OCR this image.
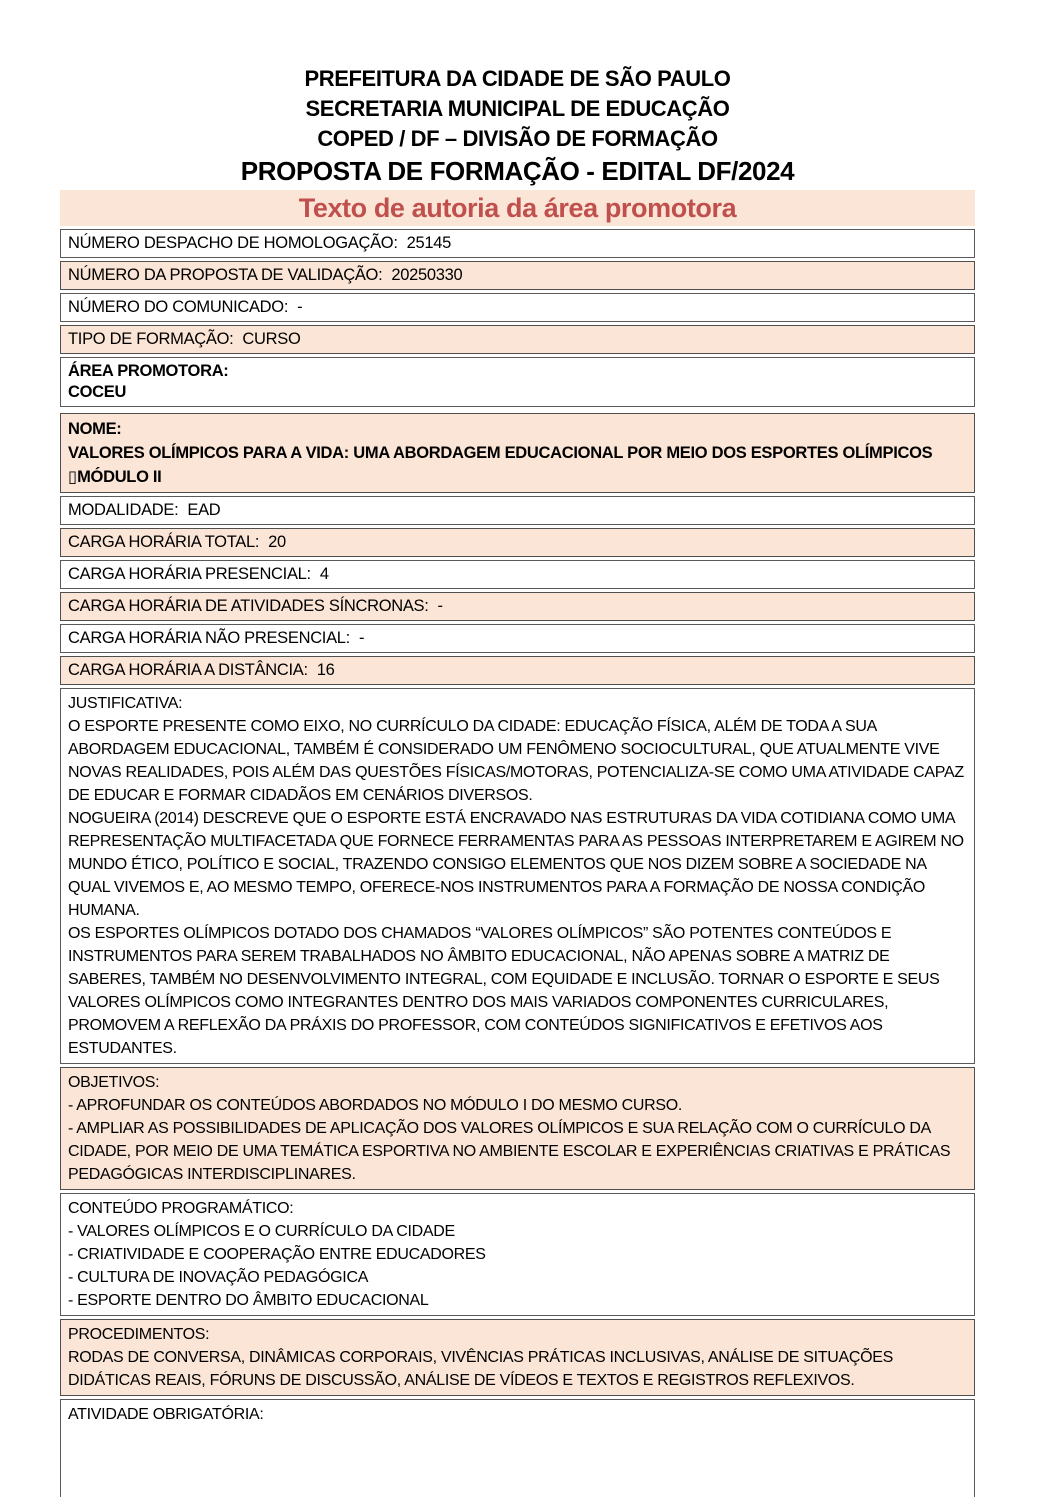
PREFEITURA DA CIDADE DE SÃO PAULO
SECRETARIA MUNICIPAL DE EDUCAÇÃO
COPED / DF – DIVISÃO DE FORMAÇÃO
PROPOSTA DE FORMAÇÃO - EDITAL DF/2024
Texto de autoria da área promotora
NÚMERO DESPACHO DE HOMOLOGAÇÃO: 25145
NÚMERO DA PROPOSTA DE VALIDAÇÃO: 20250330
NÚMERO DO COMUNICADO: -
TIPO DE FORMAÇÃO: CURSO
ÁREA PROMOTORA:
COCEU
NOME:
VALORES OLÍMPICOS PARA A VIDA: UMA ABORDAGEM EDUCACIONAL POR MEIO DOS ESPORTES OLÍMPICOS
▯MÓDULO II
MODALIDADE: EAD
CARGA HORÁRIA TOTAL: 20
CARGA HORÁRIA PRESENCIAL: 4
CARGA HORÁRIA DE ATIVIDADES SÍNCRONAS: -
CARGA HORÁRIA NÃO PRESENCIAL: -
CARGA HORÁRIA A DISTÂNCIA: 16

JUSTIFICATIVA:

O ESPORTE PRESENTE COMO EIXO, NO CURRÍCULO DA CIDADE: EDUCAÇÃO FÍSICA, ALÉM DE TODA A SUA ABORDAGEM EDUCACIONAL, TAMBÉM É CONSIDERADO UM FENÔMENO SOCIOCULTURAL, QUE ATUALMENTE VIVE NOVAS REALIDADES, POIS ALÉM DAS QUESTÕES FÍSICAS/MOTORAS, POTENCIALIZA-SE COMO UMA ATIVIDADE CAPAZ DE EDUCAR E FORMAR CIDADÃOS EM CENÁRIOS DIVERSOS.

NOGUEIRA (2014) DESCREVE QUE O ESPORTE ESTÁ ENCRAVADO NAS ESTRUTURAS DA VIDA COTIDIANA COMO UMA REPRESENTAÇÃO MULTIFACETADA QUE FORNECE FERRAMENTAS PARA AS PESSOAS INTERPRETAREM E AGIREM NO MUNDO ÉTICO, POLÍTICO E SOCIAL, TRAZENDO CONSIGO ELEMENTOS QUE NOS DIZEM SOBRE A SOCIEDADE NA QUAL VIVEMOS E, AO MESMO TEMPO, OFERECE-NOS INSTRUMENTOS PARA A FORMAÇÃO DE NOSSA CONDIÇÃO HUMANA.

OS ESPORTES OLÍMPICOS DOTADO DOS CHAMADOS “VALORES OLÍMPICOS” SÃO POTENTES CONTEÚDOS E INSTRUMENTOS PARA SEREM TRABALHADOS NO ÂMBITO EDUCACIONAL, NÃO APENAS SOBRE A MATRIZ DE SABERES, TAMBÉM NO DESENVOLVIMENTO INTEGRAL, COM EQUIDADE E INCLUSÃO. TORNAR O ESPORTE E SEUS VALORES OLÍMPICOS COMO INTEGRANTES DENTRO DOS MAIS VARIADOS COMPONENTES CURRICULARES, PROMOVEM A REFLEXÃO DA PRÁXIS DO PROFESSOR, COM CONTEÚDOS SIGNIFICATIVOS E EFETIVOS AOS ESTUDANTES.

OBJETIVOS:

- APROFUNDAR OS CONTEÚDOS ABORDADOS NO MÓDULO I DO MESMO CURSO.

- AMPLIAR AS POSSIBILIDADES DE APLICAÇÃO DOS VALORES OLÍMPICOS E SUA RELAÇÃO COM O CURRÍCULO DA CIDADE, POR MEIO DE UMA TEMÁTICA ESPORTIVA NO AMBIENTE ESCOLAR E EXPERIÊNCIAS CRIATIVAS E PRÁTICAS PEDAGÓGICAS INTERDISCIPLINARES.

CONTEÚDO PROGRAMÁTICO:

- VALORES OLÍMPICOS E O CURRÍCULO DA CIDADE

- CRIATIVIDADE E COOPERAÇÃO ENTRE EDUCADORES

- CULTURA DE INOVAÇÃO PEDAGÓGICA

- ESPORTE DENTRO DO ÂMBITO EDUCACIONAL

PROCEDIMENTOS:

RODAS DE CONVERSA, DINÂMICAS CORPORAIS, VIVÊNCIAS PRÁTICAS INCLUSIVAS, ANÁLISE DE SITUAÇÕES DIDÁTICAS REAIS, FÓRUNS DE DISCUSSÃO, ANÁLISE DE VÍDEOS E TEXTOS E REGISTROS REFLEXIVOS.

ATIVIDADE OBRIGATÓRIA:
